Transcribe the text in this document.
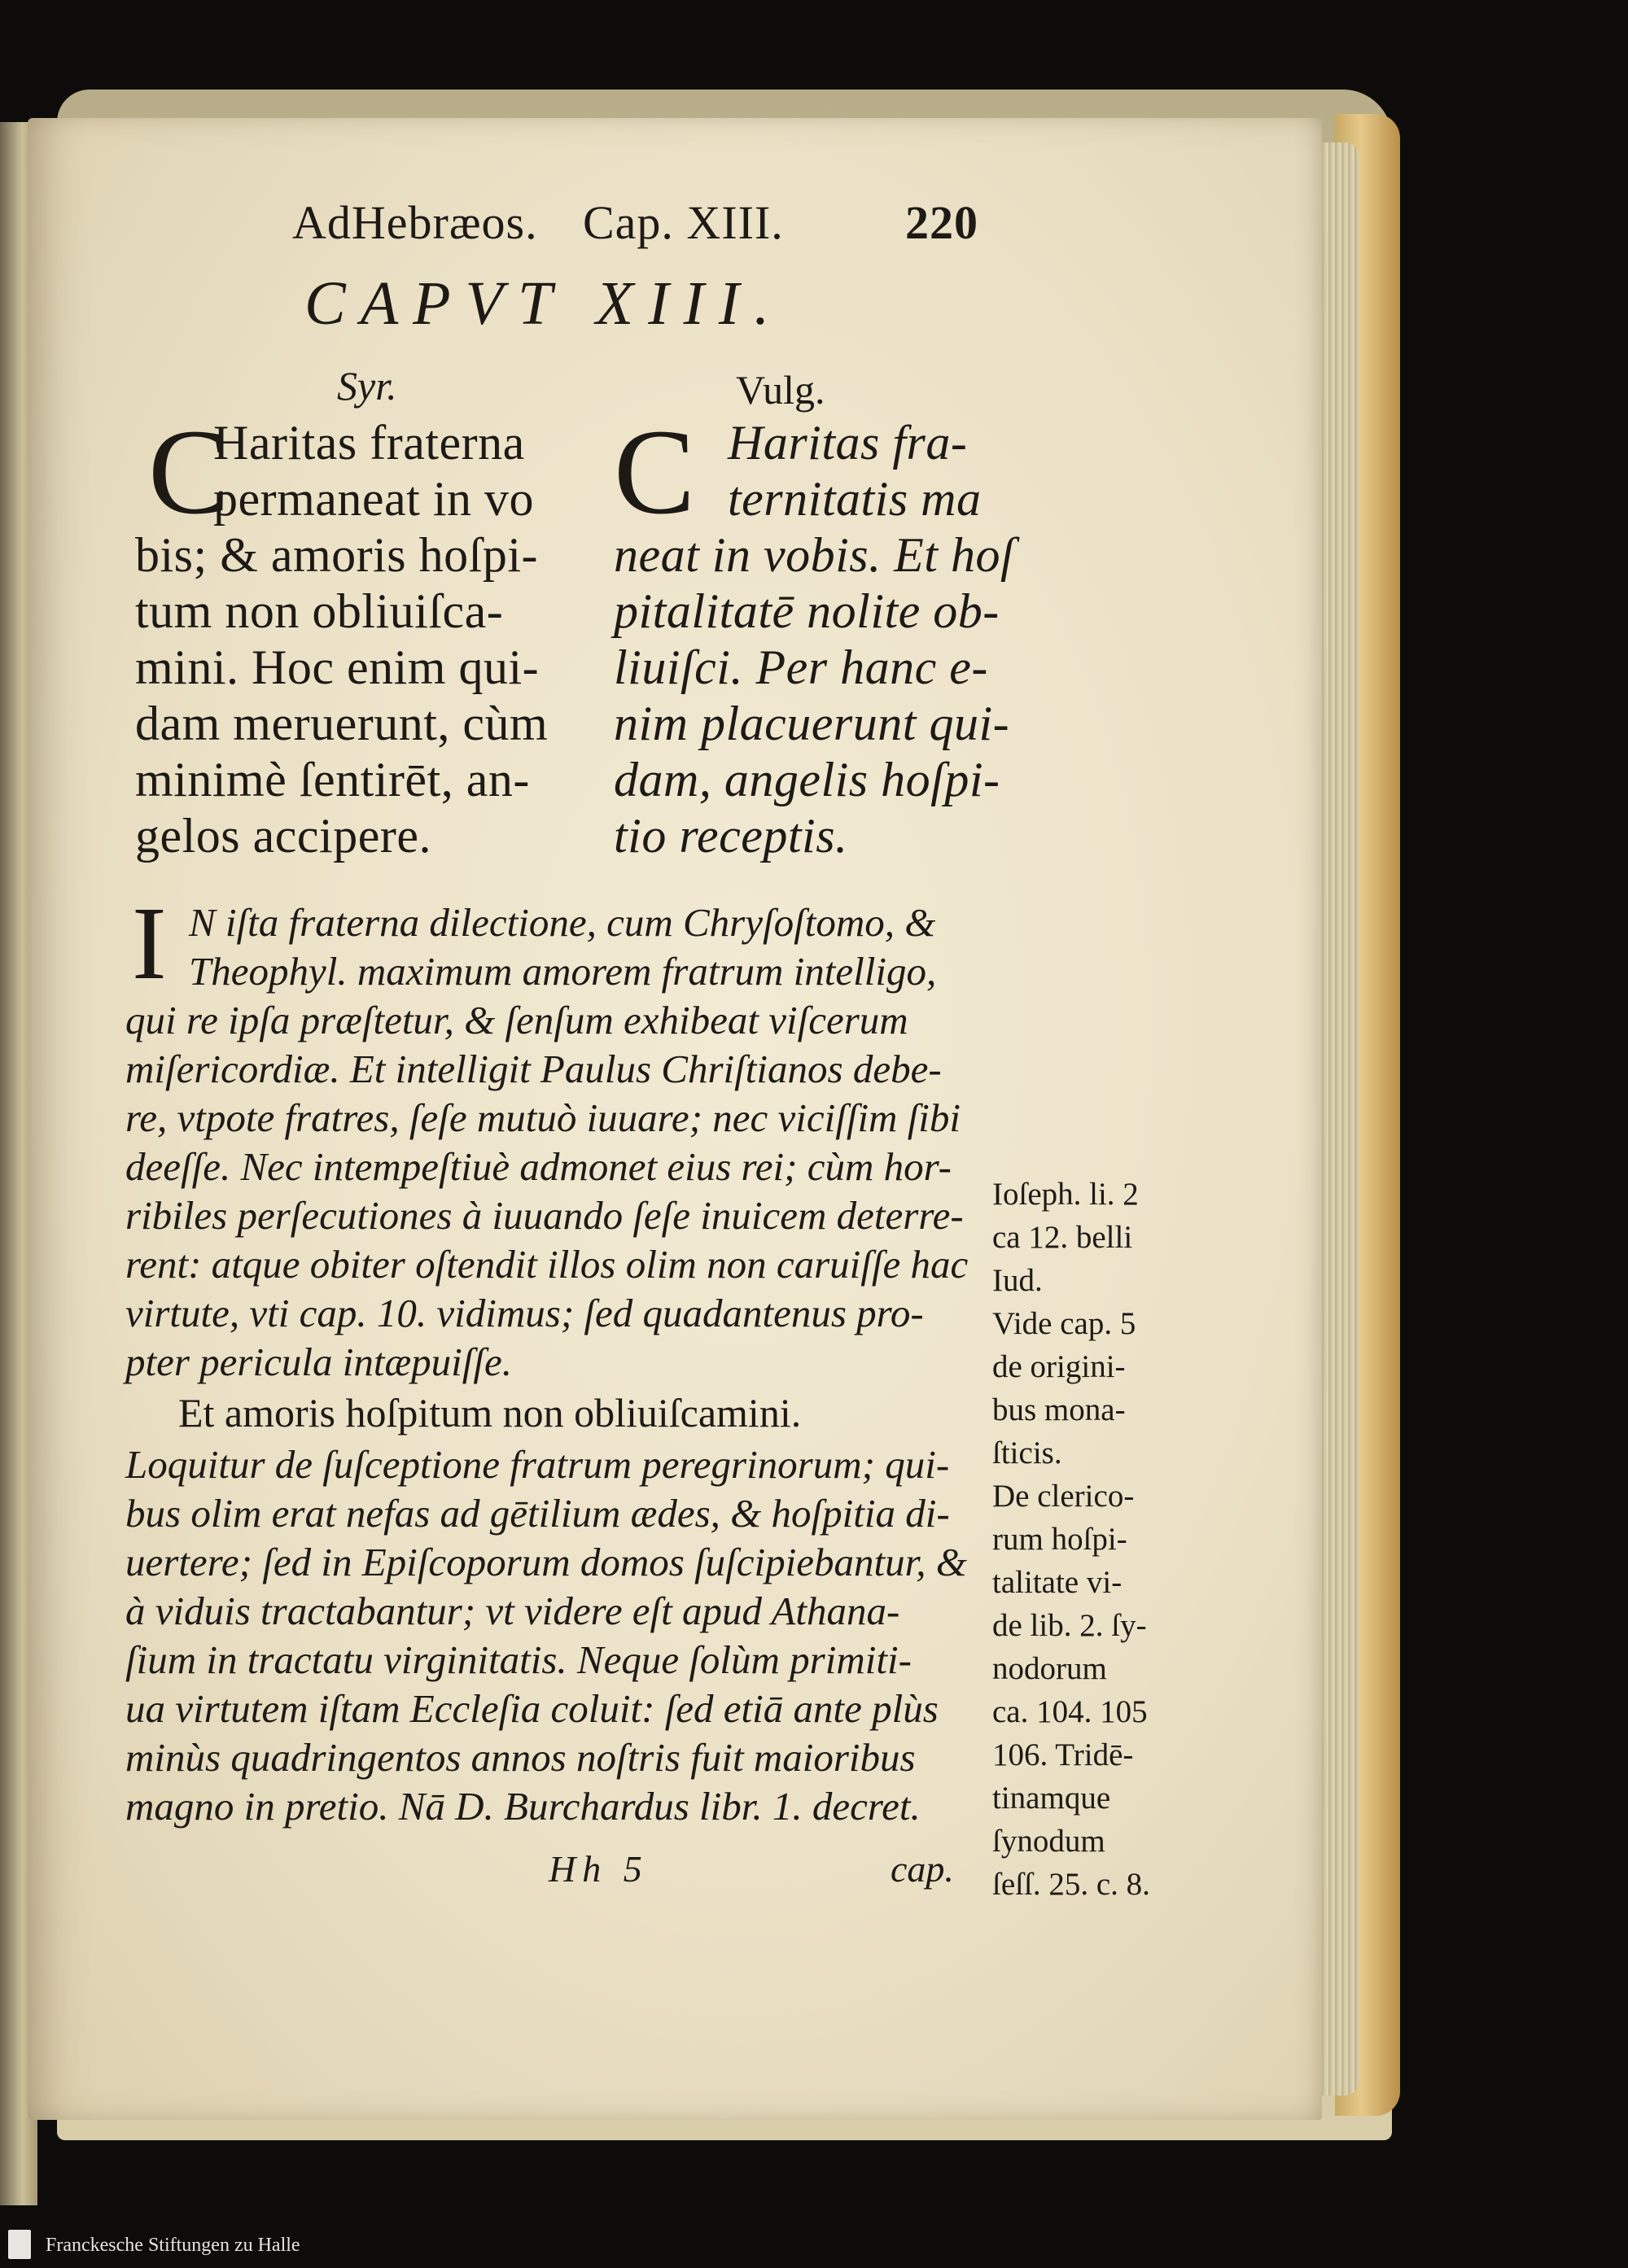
AdHebræos. Cap. XIII.	220
CAPVT XIII.
Syr.
C
Haritas fraterna
permaneat in vo
bis; & amoris hoſpi-
tum non obliuiſca-
mini. Hoc enim qui-
dam meruerunt, cùm
minimè ſentirēt, an-
gelos accipere.
Vulg.
C Haritas fra-
ternitatis ma
neat in vobis. Et hoſ
pitalitatē nolite ob-
liuiſci. Per hanc e-
nim placuerunt qui-
dam, angelis hoſpi-
tio receptis.
I N iſta fraterna dilectione, cum Chryſoſtomo, &
Theophyl. maximum amorem fratrum intelligo,
qui re ipſa præſtetur, & ſenſum exhibeat viſcerum
miſericordiæ. Et intelligit Paulus Chriſtianos debe-
re, vtpote fratres, ſeſe mutuò iuuare; nec viciſſim ſibi
deeſſe. Nec intempeſtiuè admonet eius rei; cùm hor-
ribiles perſecutiones à iuuando ſeſe inuicem deterre-
rent: atque obiter oſtendit illos olim non caruiſſe hac
virtute, vti cap. 10. vidimus; ſed quadantenus pro-
pter pericula intæpuiſſe.
Et amoris hoſpitum non obliuiſcamini.
Loquitur de ſuſceptione fratrum peregrinorum; qui-
bus olim erat nefas ad gētilium ædes, & hoſpitia di-
uertere; ſed in Epiſcoporum domos ſuſcipiebantur, &
à viduis tractabantur; vt videre eſt apud Athana-
ſium in tractatu virginitatis. Neque ſolùm primiti-
ua virtutem iſtam Eccleſia coluit: ſed etiā ante plùs
minùs quadringentos annos noſtris fuit maioribus
magno in pretio. Nā D. Burchardus libr. 1. decret.
Ioſeph. li. 2
ca 12. belli
Iud.
Vide cap. 5
de origini-
bus mona-
ſticis.
De clerico-
rum hoſpi-
talitate vi-
de lib. 2. ſy-
nodorum
ca. 104. 105
106. Tridē-
tinamque
ſynodum
ſeſſ. 25. c. 8.
Hh 5	cap.
Franckesche Stiftungen zu Halle
